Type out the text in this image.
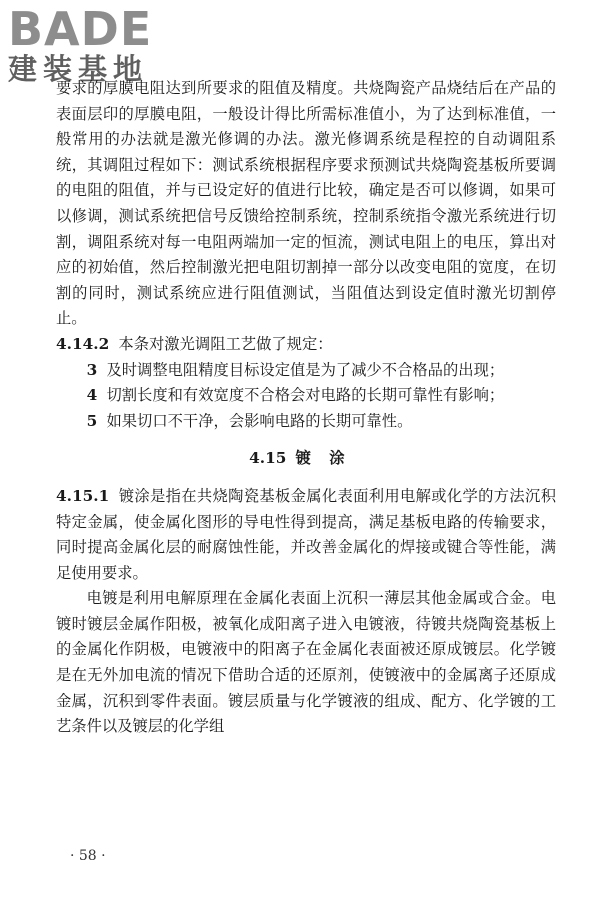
BADE
建装基地

要求的厚膜电阻达到所要求的阻值及精度。共烧陶瓷产品烧结后在产品的表面层印的厚膜电阻，一般设计得比所需标准值小，为了达到标准值，一般常用的办法就是激光修调的办法。激光修调系统是程控的自动调阻系统，其调阻过程如下：测试系统根据程序要求预测试共烧陶瓷基板所要调的电阻的阻值，并与已设定好的值进行比较，确定是否可以修调，如果可以修调，测试系统把信号反馈给控制系统，控制系统指令激光系统进行切割，调阻系统对每一电阻两端加一定的恒流，测试电阻上的电压，算出对应的初始值，然后控制激光把电阻切割掉一部分以改变电阻的宽度，在切割的同时，测试系统应进行阻值测试，当阻值达到设定值时激光切割停止。

4.14.2 本条对激光调阻工艺做了规定：

3 及时调整电阻精度目标设定值是为了减少不合格品的出现；

4 切割长度和有效宽度不合格会对电路的长期可靠性有影响；

5 如果切口不干净，会影响电路的长期可靠性。

4.15 镀涂

4.15.1 镀涂是指在共烧陶瓷基板金属化表面利用电解或化学的方法沉积特定金属，使金属化图形的导电性得到提高，满足基板电路的传输要求，同时提高金属化层的耐腐蚀性能，并改善金属化的焊接或键合等性能，满足使用要求。

电镀是利用电解原理在金属化表面上沉积一薄层其他金属或合金。电镀时镀层金属作阳极，被氧化成阳离子进入电镀液，待镀共烧陶瓷基板上的金属化作阴极，电镀液中的阳离子在金属化表面被还原成镀层。化学镀是在无外加电流的情况下借助合适的还原剂，使镀液中的金属离子还原成金属，沉积到零件表面。镀层质量与化学镀液的组成、配方、化学镀的工艺条件以及镀层的化学组

· 58 ·
